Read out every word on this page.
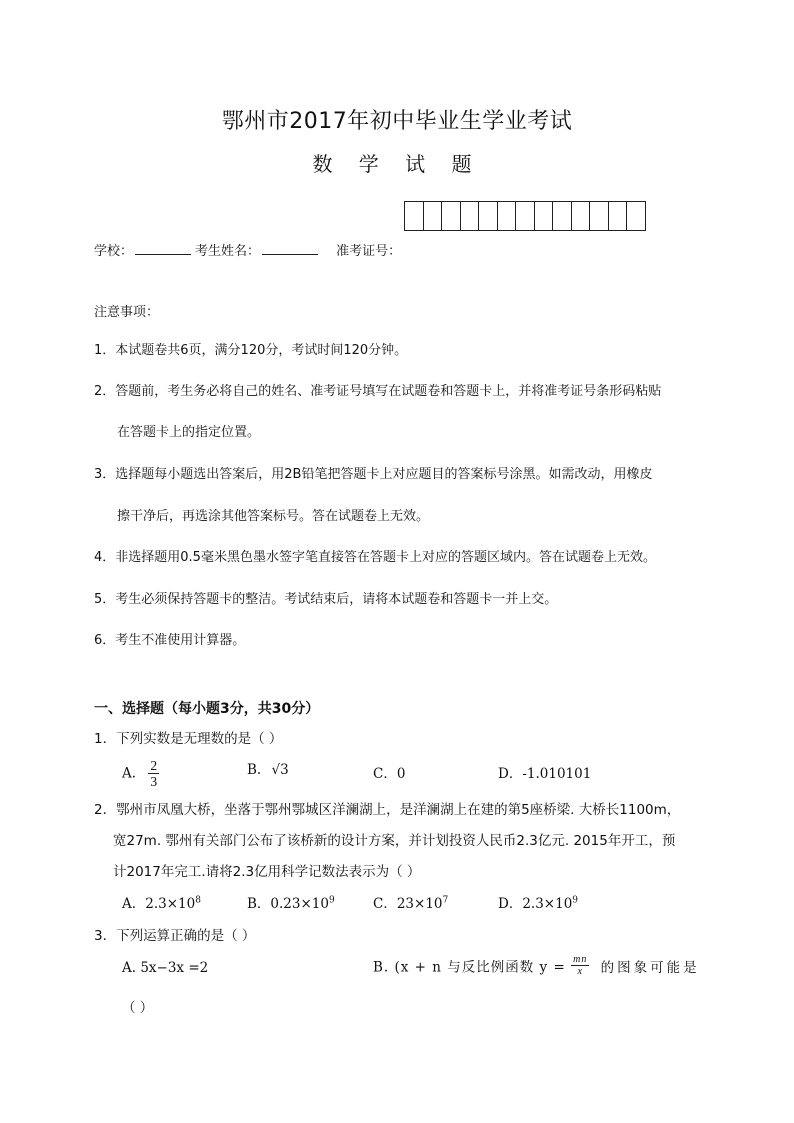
鄂州市2017年初中毕业生学业考试
数 学 试 题
学校：	考生姓名：	准考证号：
注意事项：
1．本试题卷共6页，满分120分，考试时间120分钟。
2．答题前，考生务必将自己的姓名、准考证号填写在试题卷和答题卡上，并将准考证号条形码粘贴
在答题卡上的指定位置。
3．选择题每小题选出答案后，用2B铅笔把答题卡上对应题目的答案标号涂黑。如需改动，用橡皮
擦干净后，再选涂其他答案标号。答在试题卷上无效。
4．非选择题用0.5毫米黑色墨水签字笔直接答在答题卡上对应的答题区域内。答在试题卷上无效。
5．考生必须保持答题卡的整洁。考试结束后，请将本试题卷和答题卡一并上交。
6．考生不准使用计算器。
一、选择题（每小题3分，共30分）
1．下列实数是无理数的是（ ）
A. $\frac{2}{3}$	B. √3	C．0	D．-1.010101
2．鄂州市凤凰大桥，坐落于鄂州鄂城区洋澜湖上，是洋澜湖上在建的第5座桥梁. 大桥长1100m，
宽27m. 鄂州有关部门公布了该桥新的设计方案，并计划投资人民币2.3亿元. 2015年开工，预
计2017年完工.请将2.3亿用科学记数法表示为（ ）
A．$2.3\times 10^8$	B．$0.23\times 10^9$	C．$23\times 10^7$	D．$2.3\times 10^9$
3．下列运算正确的是（ ）
A. 5x−3x =2	B. (x + n 与反比例函数 $y = \frac{mn}{x}$ 的图象可能是
（ ）
